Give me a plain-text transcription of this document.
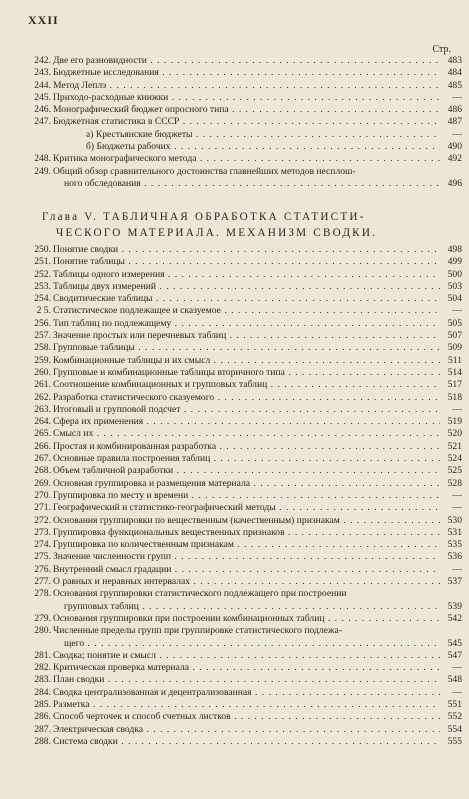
XXII
Стр.
242. Две его разновидности . . .	483
243. Бюджетные исследования . . .	484
244. Метод Леплэ . . .	485
245. Приходо-расходные книжки . . .	—
246. Монографический бюджет опросного типа . . .	486
247. Бюджетная статистика в СССР . . .	487
а) Крестьянские бюджеты . . .	—
б) Бюджеты рабочих . . .	490
248. Критика монографического метода . . .	492
249. Общий обзор сравнительного достоинства главнейших методов несплош-
ного обследования . . .	496
Глава V. ТАБЛИЧНАЯ ОБРАБОТКА СТАТИСТИ-
ЧЕСКОГО МАТЕРИАЛА. МЕХАНИЗМ СВОДКИ.
250. Понятие сводки . . .	498
251. Понятие таблицы . . .	499
252. Таблицы одного измерения . . .	500
253. Таблицы двух измерений . . .	503
254. Сводитические таблицы . . .	504
2 5. Статистическое подлежащее и сказуемое . . .	—
256. Тип таблиц по подлежащему . . .	505
257. Значение простых или перечневых таблиц . . .	507
258. Групповые таблицы . . .	509
259. Комбинационные таблицы и их смысл . . .	511
260. Групповые и комбинационные таблицы вторичного типа . . .	514
261. Соотношение комбинационных и групповых таблиц . . .	517
262. Разработка статистического сказуемого . . .	518
263. Итоговый и групповой подсчет . . .	—
264. Сфера их применения . . .	519
265. Смысл их . . .	520
266. Простая и комбинированная разработка . . .	521
267. Основные правила построения таблиц . . .	524
268. Объем табличной разработки . . .	525
269. Основная группировка и размещения материала . . .	528
270. Группировка по месту и времени . . .	—
271. Географический и статистико-географический методы . . .	—
272. Основания группировки по вещественным (качественным) признакам . . .	530
273. Группировка функциональных вещественных признаков . . .	531
274. Группировка по количественным признакам . . .	535
275. Значение численности групп . . .	536
276. Внутренний смысл градации . . .	—
277. О равных и неравных интервалах . . .	537
278. Основания группировки статистического подлежащего при построении
групповых таблиц . . .	539
279. Основания группировки при построении комбинационных таблиц . . .	542
280. Численные пределы групп при группировке статистического подлежа-
щего . . .	545
281. Сводка; понятие и смысл . . .	547
282. Критическая проверка материала . . .	—
283. План сводки . . .	548
284. Сводка централизованная и децентрализованная . . .	—
285. Разметка . . .	551
286. Способ черточек и способ счетных листков . . .	552
287. Электрическая сводка . . .	554
288. Система сводки . . .	555
